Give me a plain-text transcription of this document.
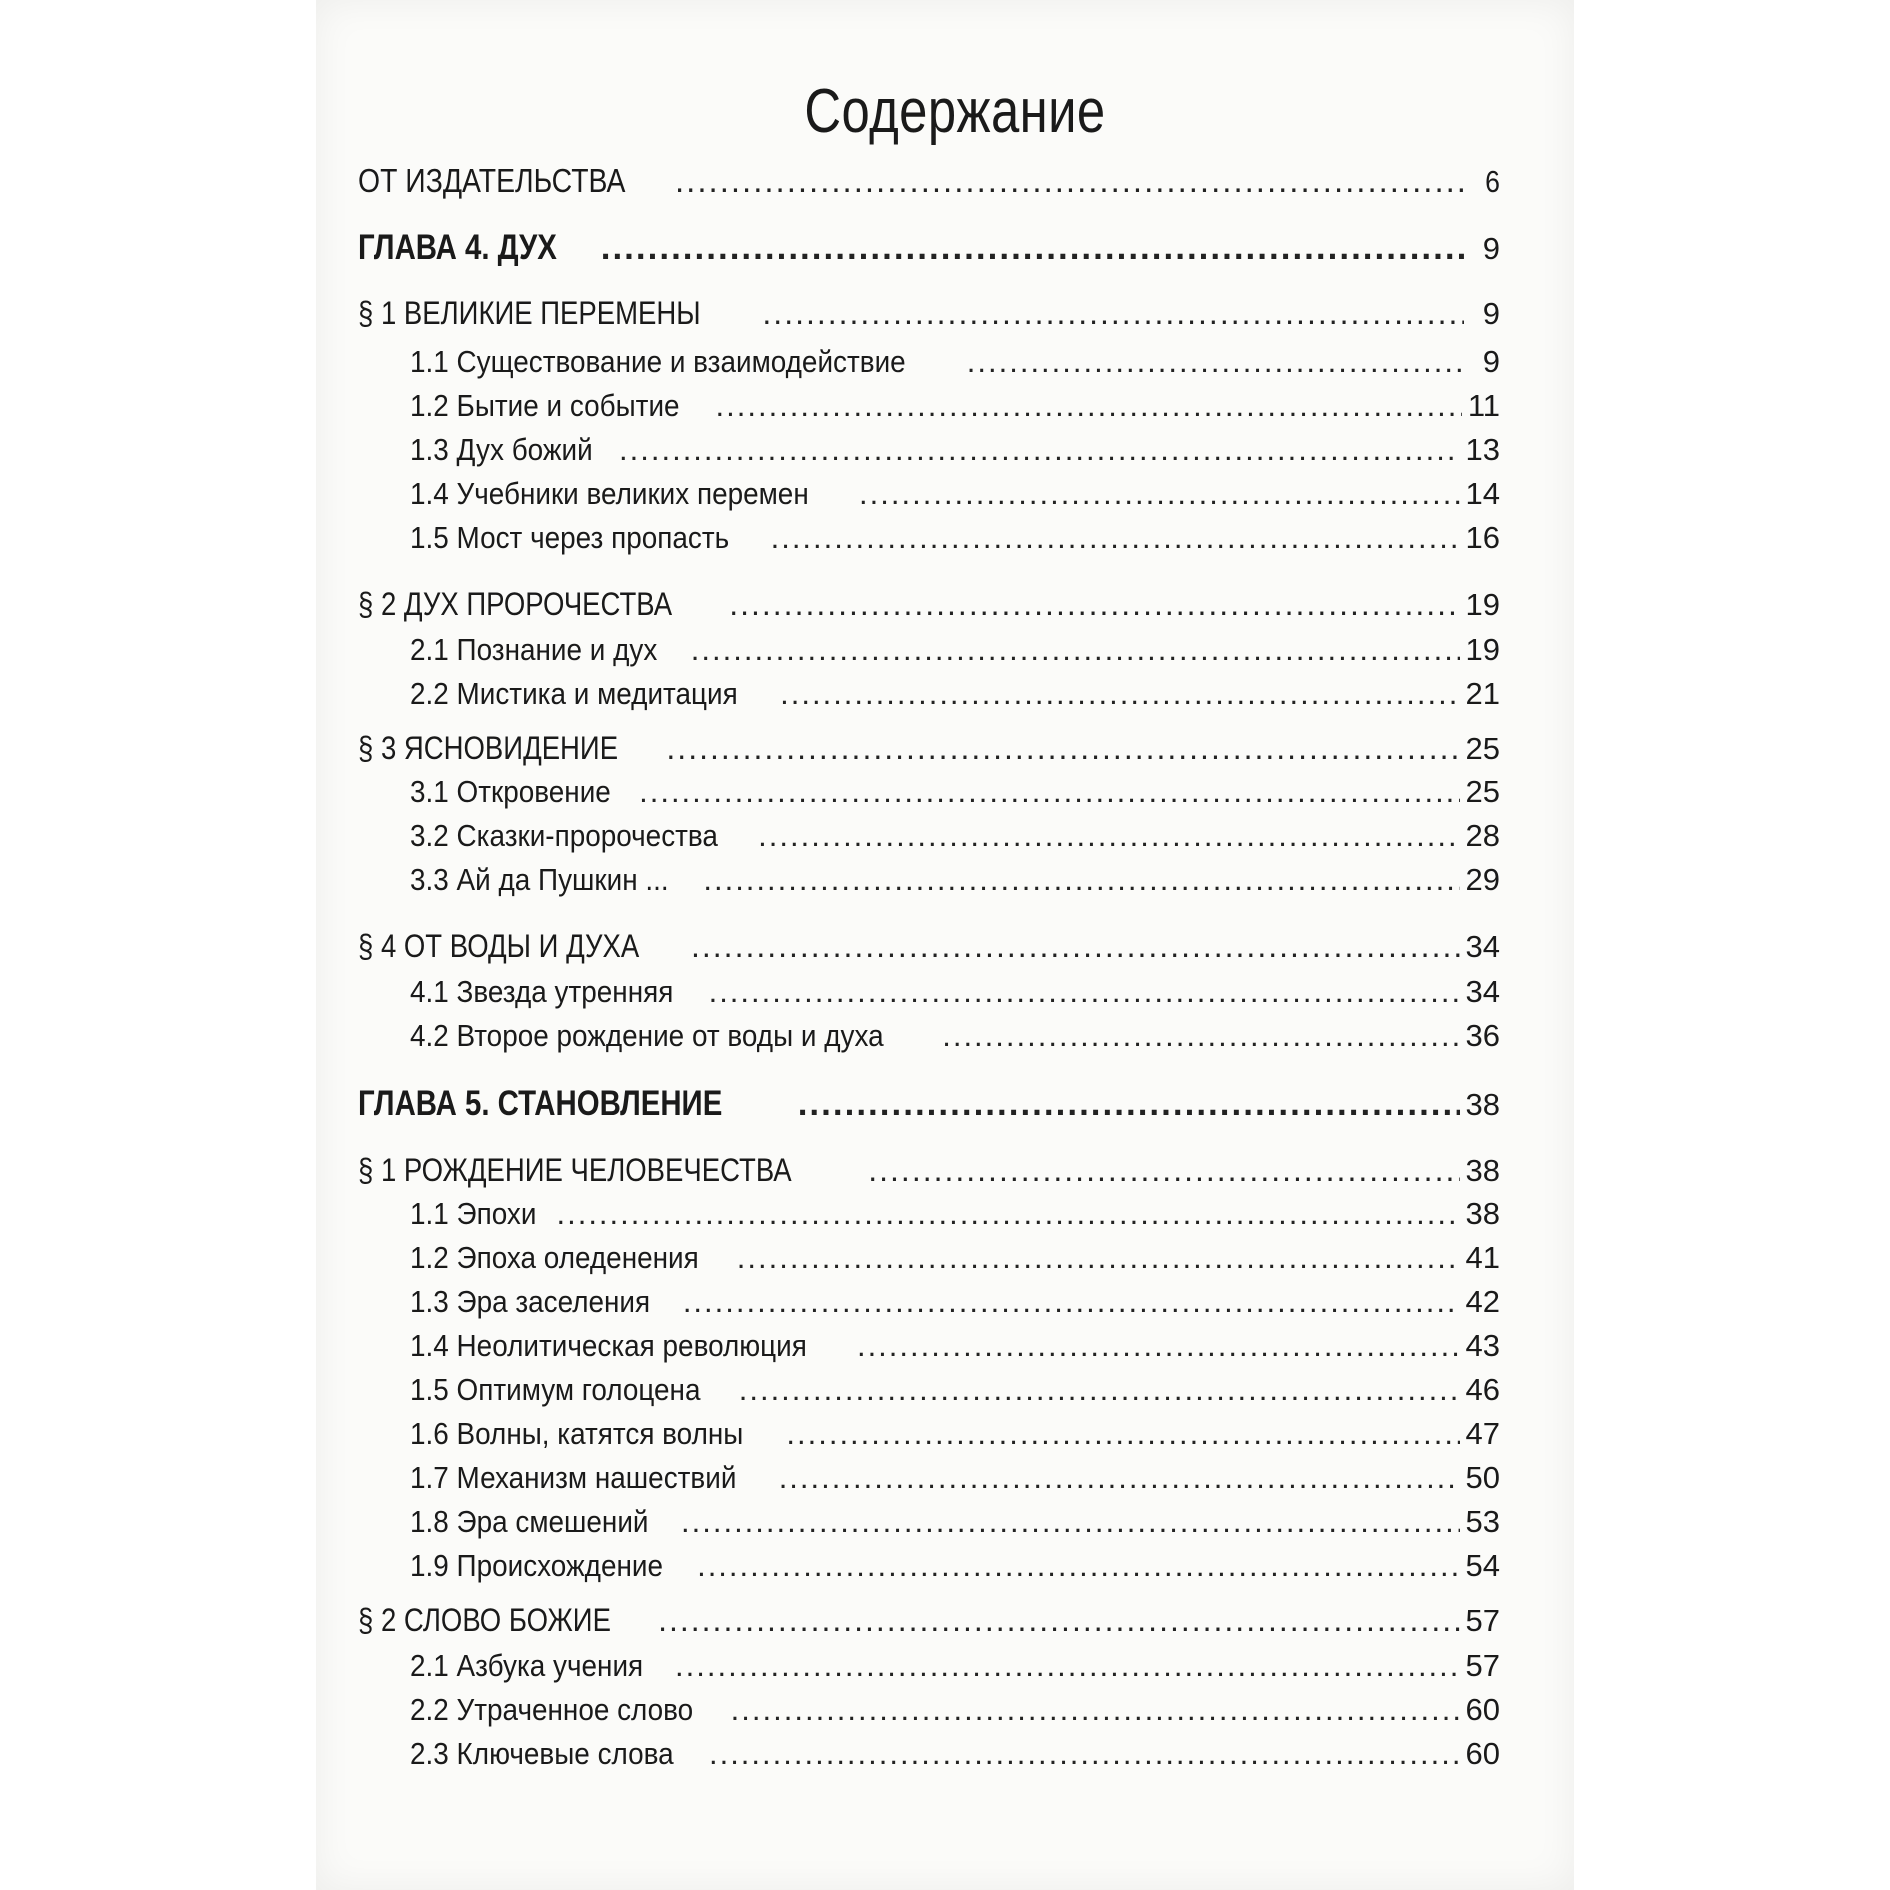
Содержание
ОТ ИЗДАТЕЛЬСТВА .....	6
ГЛАВА 4. ДУХ .....	9
§ 1 ВЕЛИКИЕ ПЕРЕМЕНЫ .....	9
1.1 Существование и взаимодействие .....	9
1.2 Бытие и событие .....	11
1.3 Дух божий .....	13
1.4 Учебники великих перемен .....	14
1.5 Мост через пропасть .....	16
§ 2 ДУХ ПРОРОЧЕСТВА .....	19
2.1 Познание и дух .....	19
2.2 Мистика и медитация .....	21
§ 3 ЯСНОВИДЕНИЕ .....	25
3.1 Откровение .....	25
3.2 Сказки-пророчества .....	28
3.3 Ай да Пушкин ... .....	29
§ 4 ОТ ВОДЫ И ДУХА .....	34
4.1 Звезда утренняя .....	34
4.2 Второе рождение от воды и духа .....	36
ГЛАВА 5. СТАНОВЛЕНИЕ .....	38
§ 1 РОЖДЕНИЕ ЧЕЛОВЕЧЕСТВА .....	38
1.1 Эпохи .....	38
1.2 Эпоха оледенения .....	41
1.3 Эра заселения .....	42
1.4 Неолитическая революция .....	43
1.5 Оптимум голоцена .....	46
1.6 Волны, катятся волны .....	47
1.7 Механизм нашествий .....	50
1.8 Эра смешений .....	53
1.9 Происхождение .....	54
§ 2 СЛОВО БОЖИЕ .....	57
2.1 Азбука учения .....	57
2.2 Утраченное слово .....	60
2.3 Ключевые слова .....	60
